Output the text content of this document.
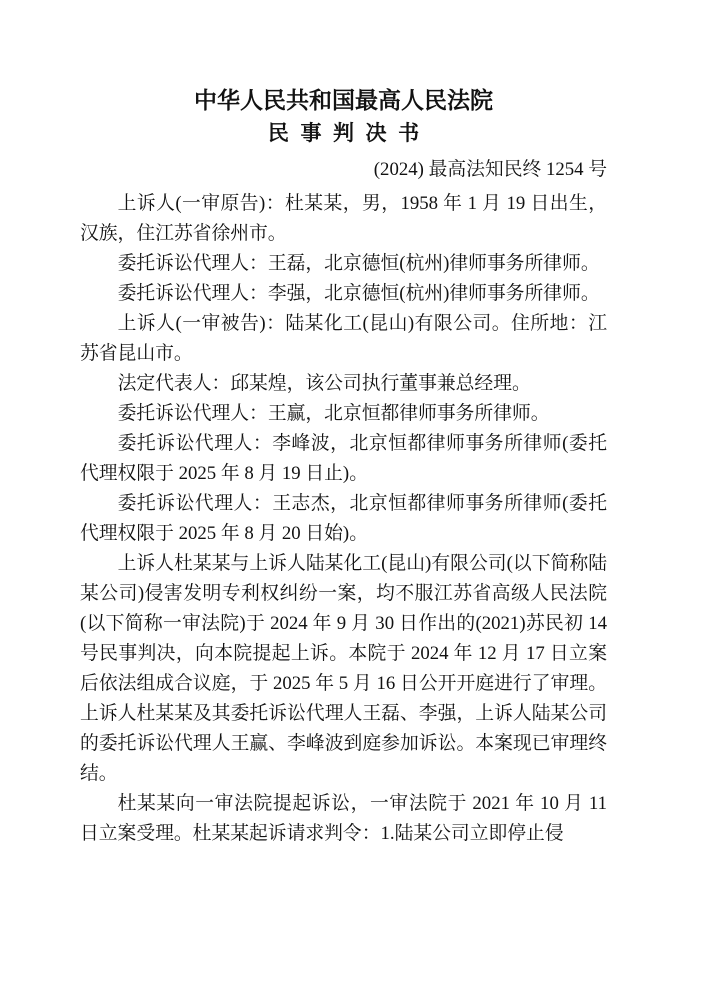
中华人民共和国最高人民法院
民事判决书
(2024) 最高法知民终 1254 号

上诉人(一审原告)：杜某某，男，1958 年 1 月 19 日出生，汉族，住江苏省徐州市。

委托诉讼代理人：王磊，北京德恒(杭州)律师事务所律师。

委托诉讼代理人：李强，北京德恒(杭州)律师事务所律师。

上诉人(一审被告)：陆某化工(昆山)有限公司。住所地：江苏省昆山市。

法定代表人：邱某煌，该公司执行董事兼总经理。

委托诉讼代理人：王赢，北京恒都律师事务所律师。

委托诉讼代理人：李峰波，北京恒都律师事务所律师(委托代理权限于 2025 年 8 月 19 日止)。

委托诉讼代理人：王志杰，北京恒都律师事务所律师(委托代理权限于 2025 年 8 月 20 日始)。

上诉人杜某某与上诉人陆某化工(昆山)有限公司(以下简称陆某公司)侵害发明专利权纠纷一案，均不服江苏省高级人民法院(以下简称一审法院)于 2024 年 9 月 30 日作出的(2021)苏民初 14 号民事判决，向本院提起上诉。本院于 2024 年 12 月 17 日立案后依法组成合议庭，于 2025 年 5 月 16 日公开开庭进行了审理。上诉人杜某某及其委托诉讼代理人王磊、李强，上诉人陆某公司的委托诉讼代理人王赢、李峰波到庭参加诉讼。本案现已审理终结。

杜某某向一审法院提起诉讼，一审法院于 2021 年 10 月 11 日立案受理。杜某某起诉请求判令：1.陆某公司立即停止侵
